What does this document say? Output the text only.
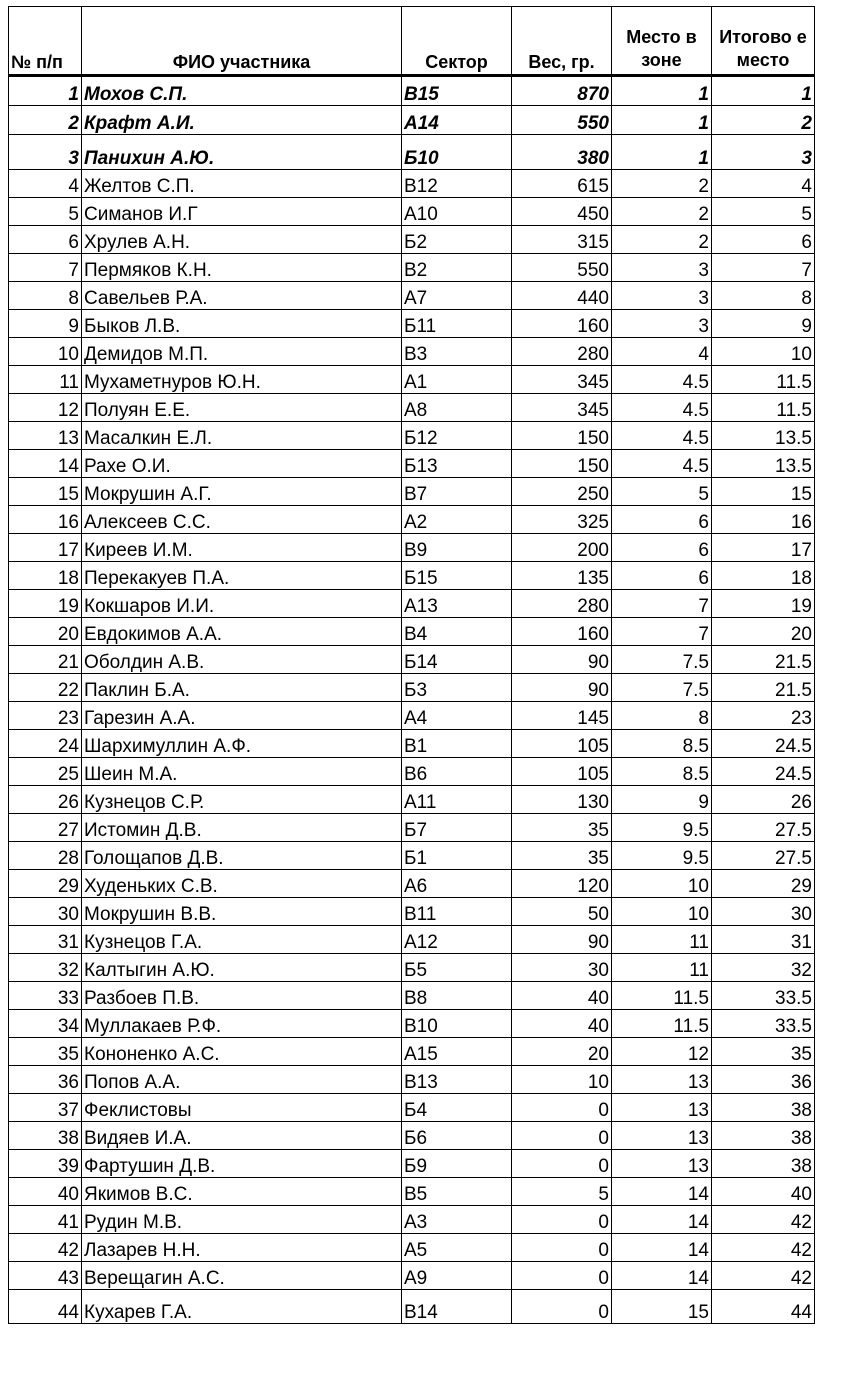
№ п/п	ФИО участника	Сектор	Вес, гр.	Место в зоне	Итогово е место
1	Мохов С.П.	В15	870	1	1
2	Крафт А.И.	А14	550	1	2
3	Панихин А.Ю.	Б10	380	1	3
4	Желтов С.П.	В12	615	2	4
5	Симанов И.Г	А10	450	2	5
6	Хрулев А.Н.	Б2	315	2	6
7	Пермяков К.Н.	В2	550	3	7
8	Савельев Р.А.	А7	440	3	8
9	Быков Л.В.	Б11	160	3	9
10	Демидов М.П.	В3	280	4	10
11	Мухаметнуров Ю.Н.	А1	345	4.5	11.5
12	Полуян Е.Е.	А8	345	4.5	11.5
13	Масалкин Е.Л.	Б12	150	4.5	13.5
14	Рахе О.И.	Б13	150	4.5	13.5
15	Мокрушин А.Г.	В7	250	5	15
16	Алексеев С.С.	А2	325	6	16
17	Киреев И.М.	В9	200	6	17
18	Перекакуев П.А.	Б15	135	6	18
19	Кокшаров И.И.	А13	280	7	19
20	Евдокимов А.А.	В4	160	7	20
21	Оболдин А.В.	Б14	90	7.5	21.5
22	Паклин Б.А.	Б3	90	7.5	21.5
23	Гарезин А.А.	А4	145	8	23
24	Шархимуллин А.Ф.	В1	105	8.5	24.5
25	Шеин М.А.	В6	105	8.5	24.5
26	Кузнецов С.Р.	А11	130	9	26
27	Истомин Д.В.	Б7	35	9.5	27.5
28	Голощапов Д.В.	Б1	35	9.5	27.5
29	Худеньких С.В.	А6	120	10	29
30	Мокрушин В.В.	В11	50	10	30
31	Кузнецов Г.А.	А12	90	11	31
32	Калтыгин А.Ю.	Б5	30	11	32
33	Разбоев П.В.	В8	40	11.5	33.5
34	Муллакаев Р.Ф.	В10	40	11.5	33.5
35	Кононенко А.С.	А15	20	12	35
36	Попов А.А.	В13	10	13	36
37	Феклистовы	Б4	0	13	38
38	Видяев И.А.	Б6	0	13	38
39	Фартушин Д.В.	Б9	0	13	38
40	Якимов В.С.	В5	5	14	40
41	Рудин М.В.	А3	0	14	42
42	Лазарев Н.Н.	А5	0	14	42
43	Верещагин А.С.	А9	0	14	42
44	Кухарев Г.А.	В14	0	15	44
